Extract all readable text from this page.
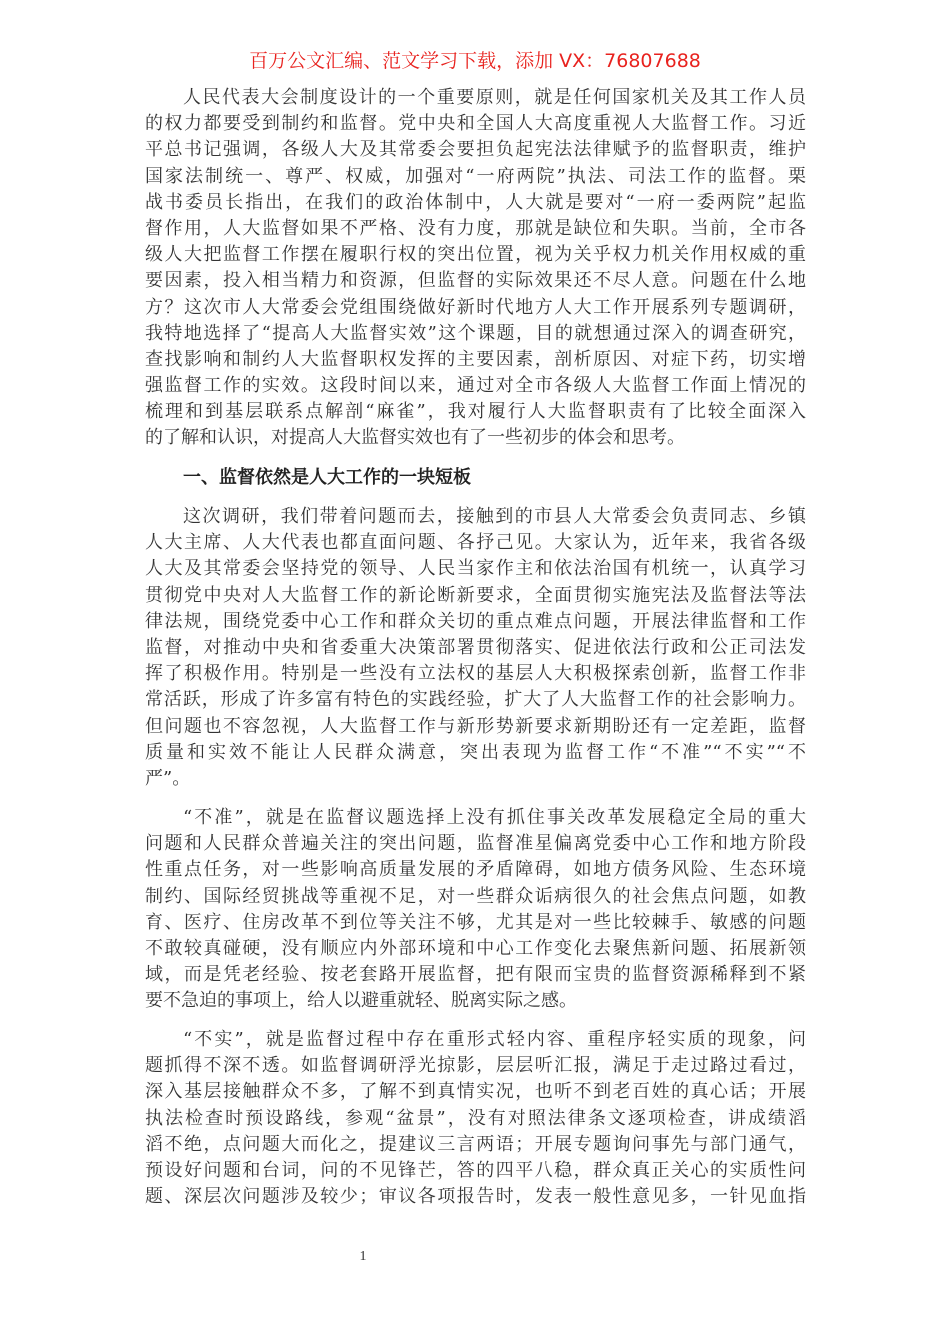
百万公文汇编、范文学习下载，添加 VX：76807688
人民代表大会制度设计的一个重要原则，就是任何国家机关及其工作人员
的权力都要受到制约和监督。党中央和全国人大高度重视人大监督工作。习近
平总书记强调，各级人大及其常委会要担负起宪法法律赋予的监督职责，维护
国家法制统一、尊严、权威，加强对“一府两院”执法、司法工作的监督。栗
战书委员长指出，在我们的政治体制中，人大就是要对“一府一委两院”起监
督作用，人大监督如果不严格、没有力度，那就是缺位和失职。当前，全市各
级人大把监督工作摆在履职行权的突出位置，视为关乎权力机关作用权威的重
要因素，投入相当精力和资源，但监督的实际效果还不尽人意。问题在什么地
方？这次市人大常委会党组围绕做好新时代地方人大工作开展系列专题调研，
我特地选择了“提高人大监督实效”这个课题，目的就想通过深入的调查研究，
查找影响和制约人大监督职权发挥的主要因素，剖析原因、对症下药，切实增
强监督工作的实效。这段时间以来，通过对全市各级人大监督工作面上情况的
梳理和到基层联系点解剖“麻雀”，我对履行人大监督职责有了比较全面深入
的了解和认识，对提高人大监督实效也有了一些初步的体会和思考。
一、监督依然是人大工作的一块短板
这次调研，我们带着问题而去，接触到的市县人大常委会负责同志、乡镇
人大主席、人大代表也都直面问题、各抒己见。大家认为，近年来，我省各级
人大及其常委会坚持党的领导、人民当家作主和依法治国有机统一，认真学习
贯彻党中央对人大监督工作的新论断新要求，全面贯彻实施宪法及监督法等法
律法规，围绕党委中心工作和群众关切的重点难点问题，开展法律监督和工作
监督，对推动中央和省委重大决策部署贯彻落实、促进依法行政和公正司法发
挥了积极作用。特别是一些没有立法权的基层人大积极探索创新，监督工作非
常活跃，形成了许多富有特色的实践经验，扩大了人大监督工作的社会影响力。
但问题也不容忽视，人大监督工作与新形势新要求新期盼还有一定差距，监督
质量和实效不能让人民群众满意，突出表现为监督工作“不准”“不实”“不
严”。
“不准”，就是在监督议题选择上没有抓住事关改革发展稳定全局的重大
问题和人民群众普遍关注的突出问题，监督准星偏离党委中心工作和地方阶段
性重点任务，对一些影响高质量发展的矛盾障碍，如地方债务风险、生态环境
制约、国际经贸挑战等重视不足，对一些群众诟病很久的社会焦点问题，如教
育、医疗、住房改革不到位等关注不够，尤其是对一些比较棘手、敏感的问题
不敢较真碰硬，没有顺应内外部环境和中心工作变化去聚焦新问题、拓展新领
域，而是凭老经验、按老套路开展监督，把有限而宝贵的监督资源稀释到不紧
要不急迫的事项上，给人以避重就轻、脱离实际之感。
“不实”，就是监督过程中存在重形式轻内容、重程序轻实质的现象，问
题抓得不深不透。如监督调研浮光掠影，层层听汇报，满足于走过路过看过，
深入基层接触群众不多，了解不到真情实况，也听不到老百姓的真心话；开展
执法检查时预设路线，参观“盆景”，没有对照法律条文逐项检查，讲成绩滔
滔不绝，点问题大而化之，提建议三言两语；开展专题询问事先与部门通气，
预设好问题和台词，问的不见锋芒，答的四平八稳，群众真正关心的实质性问
题、深层次问题涉及较少；审议各项报告时，发表一般性意见多，一针见血指
1
